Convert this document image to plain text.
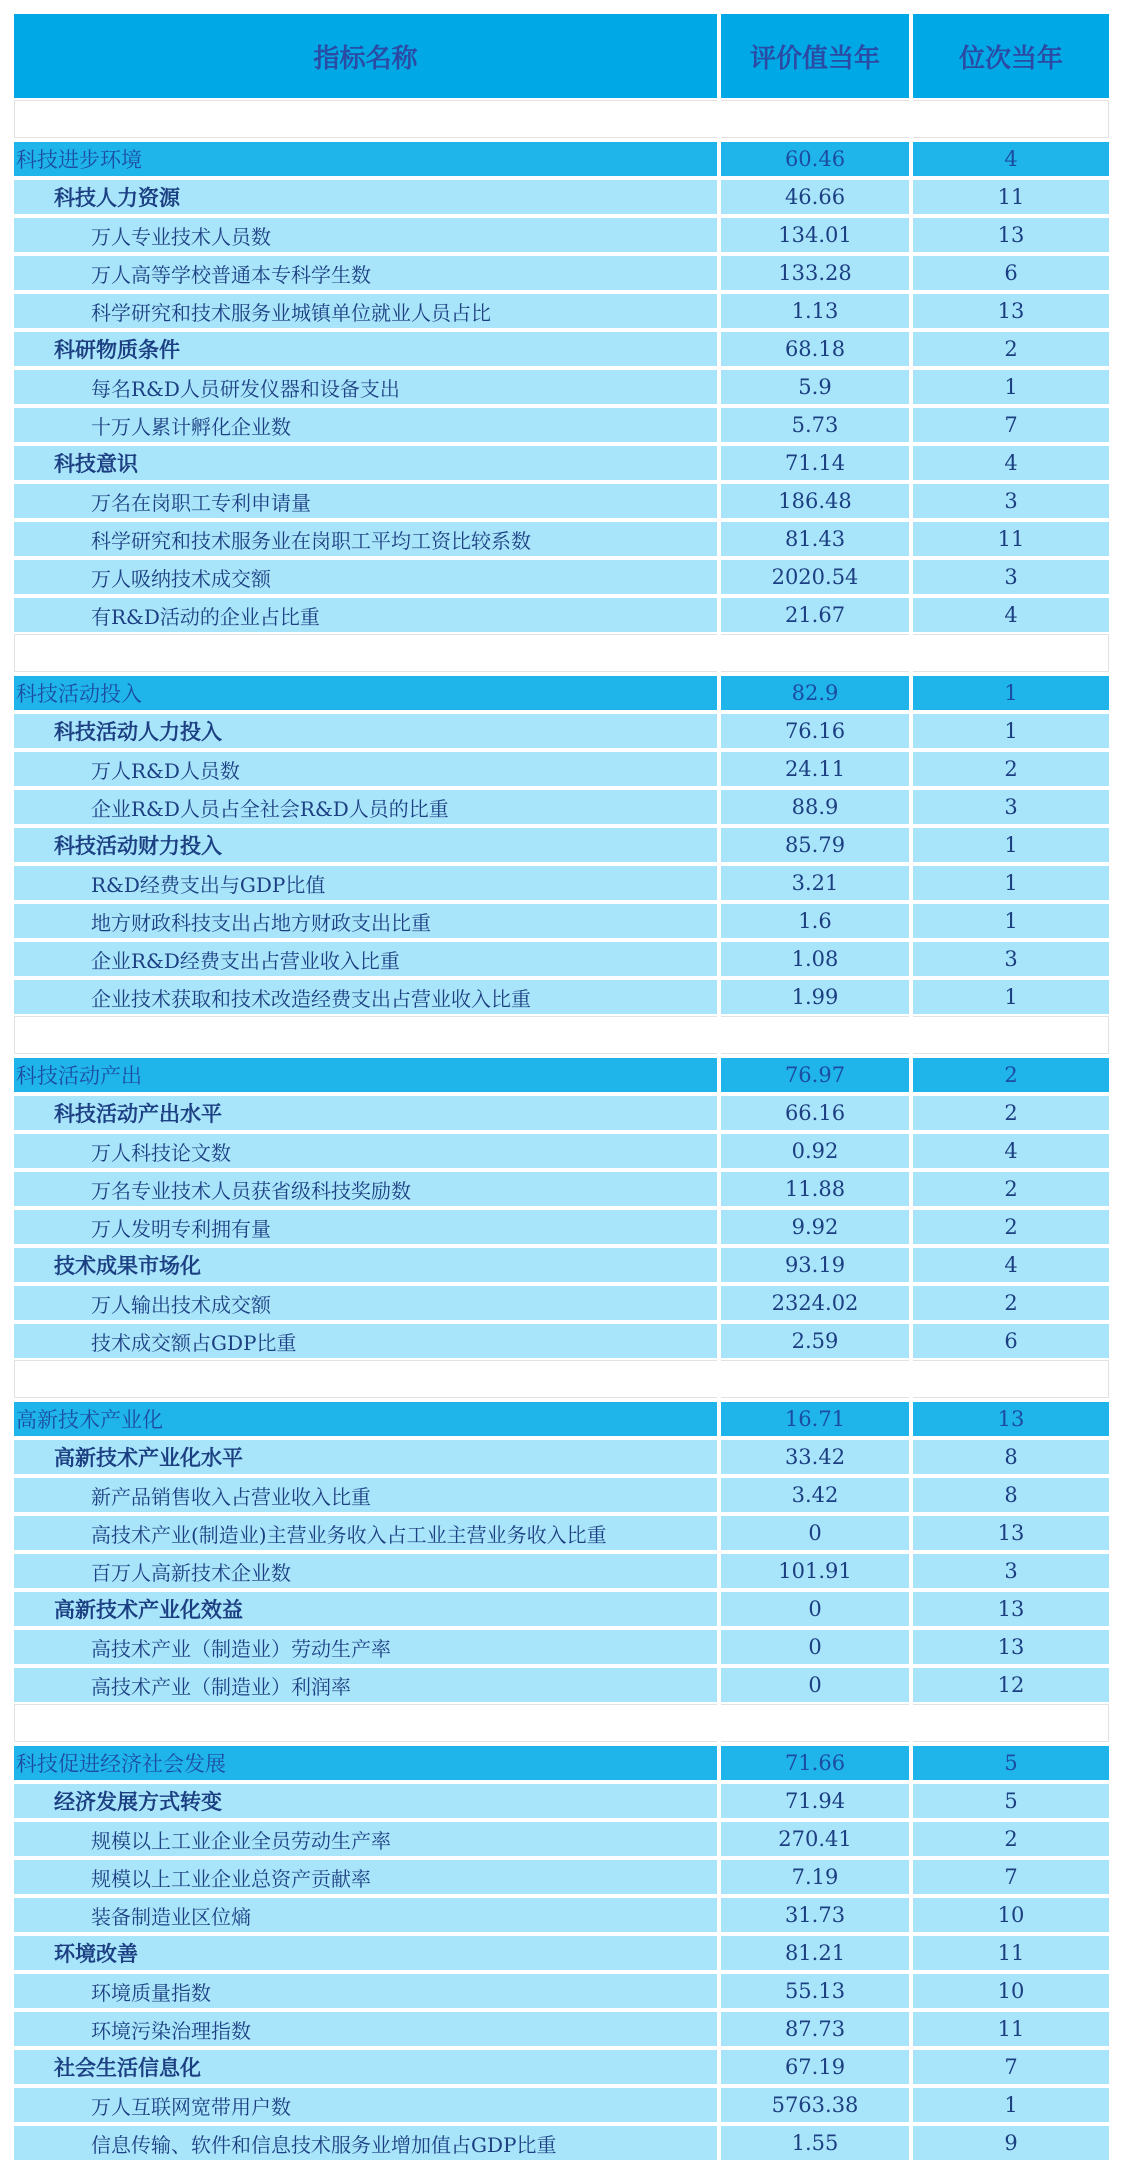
指标名称	评价值当年	位次当年
科技进步环境	60.46	4
科技人力资源	46.66	11
万人专业技术人员数	134.01	13
万人高等学校普通本专科学生数	133.28	6
科学研究和技术服务业城镇单位就业人员占比	1.13	13
科研物质条件	68.18	2
每名R&D人员研发仪器和设备支出	5.9	1
十万人累计孵化企业数	5.73	7
科技意识	71.14	4
万名在岗职工专利申请量	186.48	3
科学研究和技术服务业在岗职工平均工资比较系数	81.43	11
万人吸纳技术成交额	2020.54	3
有R&D活动的企业占比重	21.67	4
科技活动投入	82.9	1
科技活动人力投入	76.16	1
万人R&D人员数	24.11	2
企业R&D人员占全社会R&D人员的比重	88.9	3
科技活动财力投入	85.79	1
R&D经费支出与GDP比值	3.21	1
地方财政科技支出占地方财政支出比重	1.6	1
企业R&D经费支出占营业收入比重	1.08	3
企业技术获取和技术改造经费支出占营业收入比重	1.99	1
科技活动产出	76.97	2
科技活动产出水平	66.16	2
万人科技论文数	0.92	4
万名专业技术人员获省级科技奖励数	11.88	2
万人发明专利拥有量	9.92	2
技术成果市场化	93.19	4
万人输出技术成交额	2324.02	2
技术成交额占GDP比重	2.59	6
高新技术产业化	16.71	13
高新技术产业化水平	33.42	8
新产品销售收入占营业收入比重	3.42	8
高技术产业(制造业)主营业务收入占工业主营业务收入比重	0	13
百万人高新技术企业数	101.91	3
高新技术产业化效益	0	13
高技术产业（制造业）劳动生产率	0	13
高技术产业（制造业）利润率	0	12
科技促进经济社会发展	71.66	5
经济发展方式转变	71.94	5
规模以上工业企业全员劳动生产率	270.41	2
规模以上工业企业总资产贡献率	7.19	7
装备制造业区位熵	31.73	10
环境改善	81.21	11
环境质量指数	55.13	10
环境污染治理指数	87.73	11
社会生活信息化	67.19	7
万人互联网宽带用户数	5763.38	1
信息传输、软件和信息技术服务业增加值占GDP比重	1.55	9
